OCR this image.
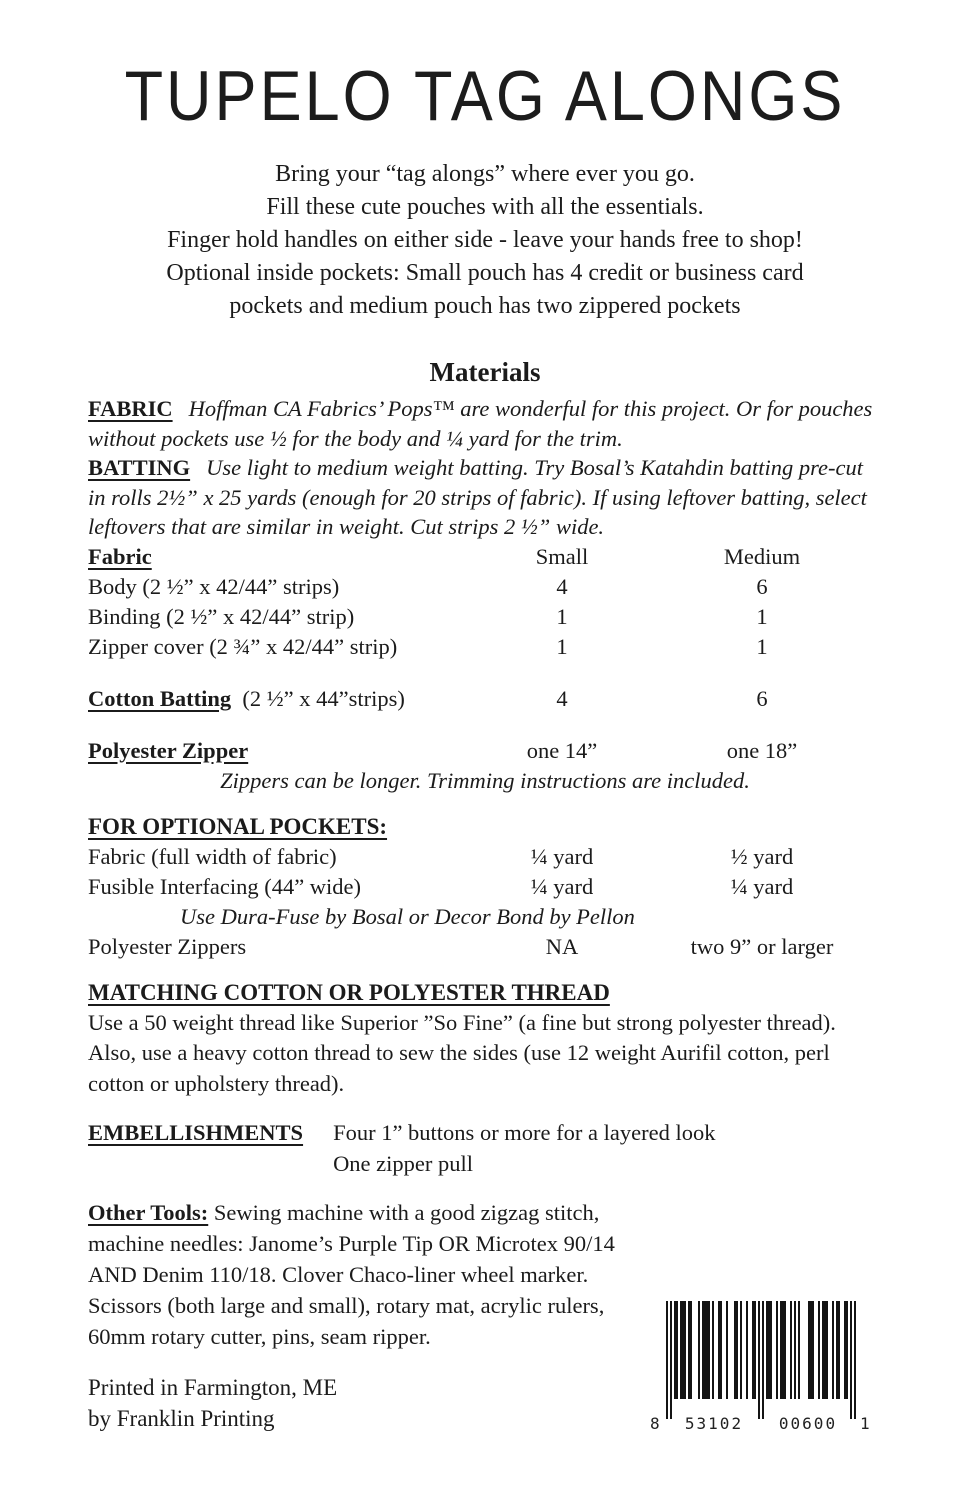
TUPELO TAG ALONGS
Bring your “tag alongs” where ever you go.
Fill these cute pouches with all the essentials.
Finger hold handles on either side - leave your hands free to shop!
Optional inside pockets: Small pouch has 4 credit or business card
pockets and medium pouch has two zippered pockets
Materials

FABRIC Hoffman CA Fabrics’ Pops™ are wonderful for this project. Or for pouches without pockets use ½ for the body and ¼ yard for the trim.

BATTING Use light to medium weight batting. Try Bosal’s Katahdin batting pre-cut in rolls 2½” x 25 yards (enough for 20 strips of fabric). If using leftover batting, select leftovers that are similar in weight. Cut strips 2 ½” wide.

Fabric	Small	Medium
Body (2 ½” x 42/44” strips)	4	6
Binding (2 ½” x 42/44” strip)	1	1
Zipper cover (2 ¾” x 42/44” strip)	1	1
Cotton Batting (2 ½” x 44”strips)	4	6
Polyester Zipper	one 14”	one 18”
Zippers can be longer. Trimming instructions are included.
FOR OPTIONAL POCKETS:
Fabric (full width of fabric)	¼ yard	½ yard
Fusible Interfacing (44” wide)	¼ yard	¼ yard
Use Dura-Fuse by Bosal or Decor Bond by Pellon
Polyester Zippers	NA	two 9” or larger
MATCHING COTTON OR POLYESTER THREAD

Use a 50 weight thread like Superior ”So Fine” (a fine but strong polyester thread). Also, use a heavy cotton thread to sew the sides (use 12 weight Aurifil cotton, perl cotton or upholstery thread).

EMBELLISHMENTS Four 1” buttons or more for a layered look
One zipper pull
8	53102	00600	1
Other Tools: Sewing machine with a good zigzag stitch, machine needles: Janome’s Purple Tip OR Microtex 90/14 AND Denim 110/18. Clover Chaco-liner wheel marker. Scissors (both large and small), rotary mat, acrylic rulers, 60mm rotary cutter, pins, seam ripper.
Printed in Farmington, ME
by Franklin Printing
